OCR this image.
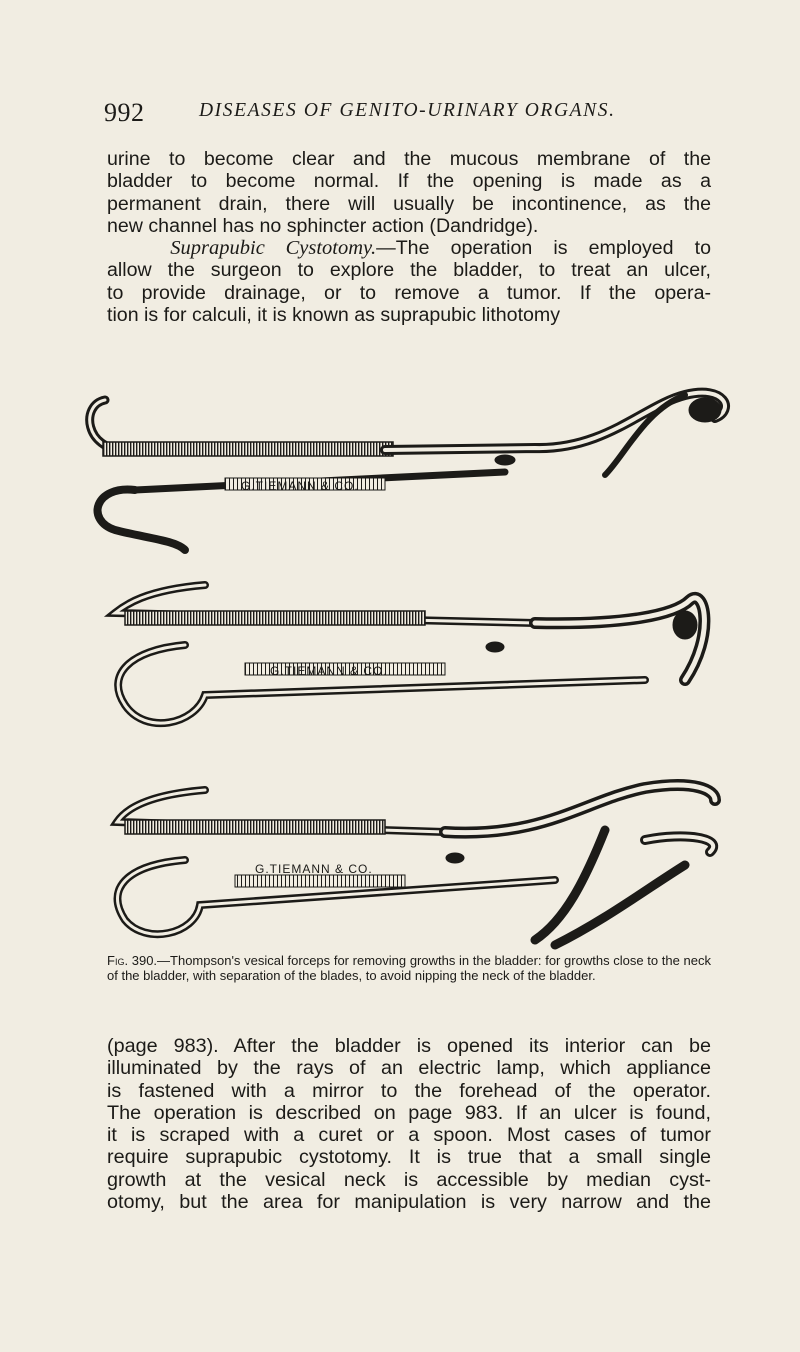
992	DISEASES OF GENITO-URINARY ORGANS.
urine to become clear and the mucous membrane of the
bladder to become normal. If the opening is made as a
permanent drain, there will usually be incontinence, as the
new channel has no sphincter action (Dandridge).
Suprapubic Cystotomy.—The operation is employed to
allow the surgeon to explore the bladder, to treat an ulcer,
to provide drainage, or to remove a tumor. If the opera-
tion is for calculi, it is known as suprapubic lithotomy
G.TIEMANN & CO.
G.TIEMANN & CO.
G.TIEMANN & CO.

Fig. 390.—Thompson's vesical forceps for removing growths in the bladder: for growths close to the neck of the bladder, with separation of the blades, to avoid nipping the neck of the bladder.

(page 983). After the bladder is opened its interior can be
illuminated by the rays of an electric lamp, which appliance
is fastened with a mirror to the forehead of the operator.
The operation is described on page 983. If an ulcer is found,
it is scraped with a curet or a spoon. Most cases of tumor
require suprapubic cystotomy. It is true that a small single
growth at the vesical neck is accessible by median cyst-
otomy, but the area for manipulation is very narrow and the
